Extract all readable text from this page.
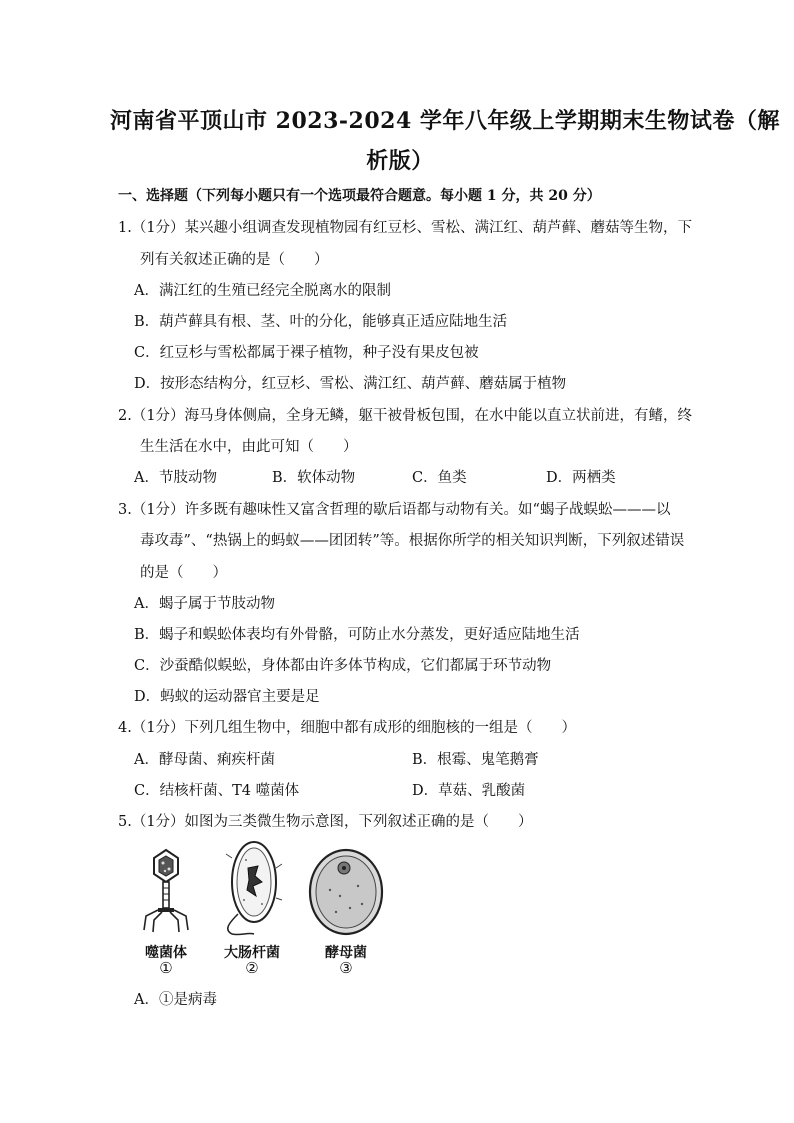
河南省平顶山市 2023-2024 学年八年级上学期期末生物试卷（解
析版）
一、选择题（下列每小题只有一个选项最符合题意。每小题 1 分，共 20 分）
1.（1分）某兴趣小组调查发现植物园有红豆杉、雪松、满江红、葫芦藓、蘑菇等生物，下
列有关叙述正确的是（　　）
A．满江红的生殖已经完全脱离水的限制
B．葫芦藓具有根、茎、叶的分化，能够真正适应陆地生活
C．红豆杉与雪松都属于裸子植物，种子没有果皮包被
D．按形态结构分，红豆杉、雪松、满江红、葫芦藓、蘑菇属于植物
2.（1分）海马身体侧扁，全身无鳞，躯干被骨板包围，在水中能以直立状前进，有鳍，终
生生活在水中，由此可知（　　）
A．节肢动物	B．软体动物	C．鱼类	D．两栖类
3.（1分）许多既有趣味性又富含哲理的歇后语都与动物有关。如“蝎子战蜈蚣———以
毒攻毒”、“热锅上的蚂蚁——团团转”等。根据你所学的相关知识判断，下列叙述错误
的是（　　）
A．蝎子属于节肢动物
B．蝎子和蜈蚣体表均有外骨骼，可防止水分蒸发，更好适应陆地生活
C．沙蚕酷似蜈蚣，身体都由许多体节构成，它们都属于环节动物
D．蚂蚁的运动器官主要是足
4.（1分）下列几组生物中，细胞中都有成形的细胞核的一组是（　　）
A．酵母菌、痢疾杆菌	B．根霉、鬼笔鹅膏
C．结核杆菌、T4 噬菌体	D．草菇、乳酸菌
5.（1分）如图为三类微生物示意图，下列叙述正确的是（　　）
噬菌体	大肠杆菌	酵母菌
①	②	③
A．①是病毒
